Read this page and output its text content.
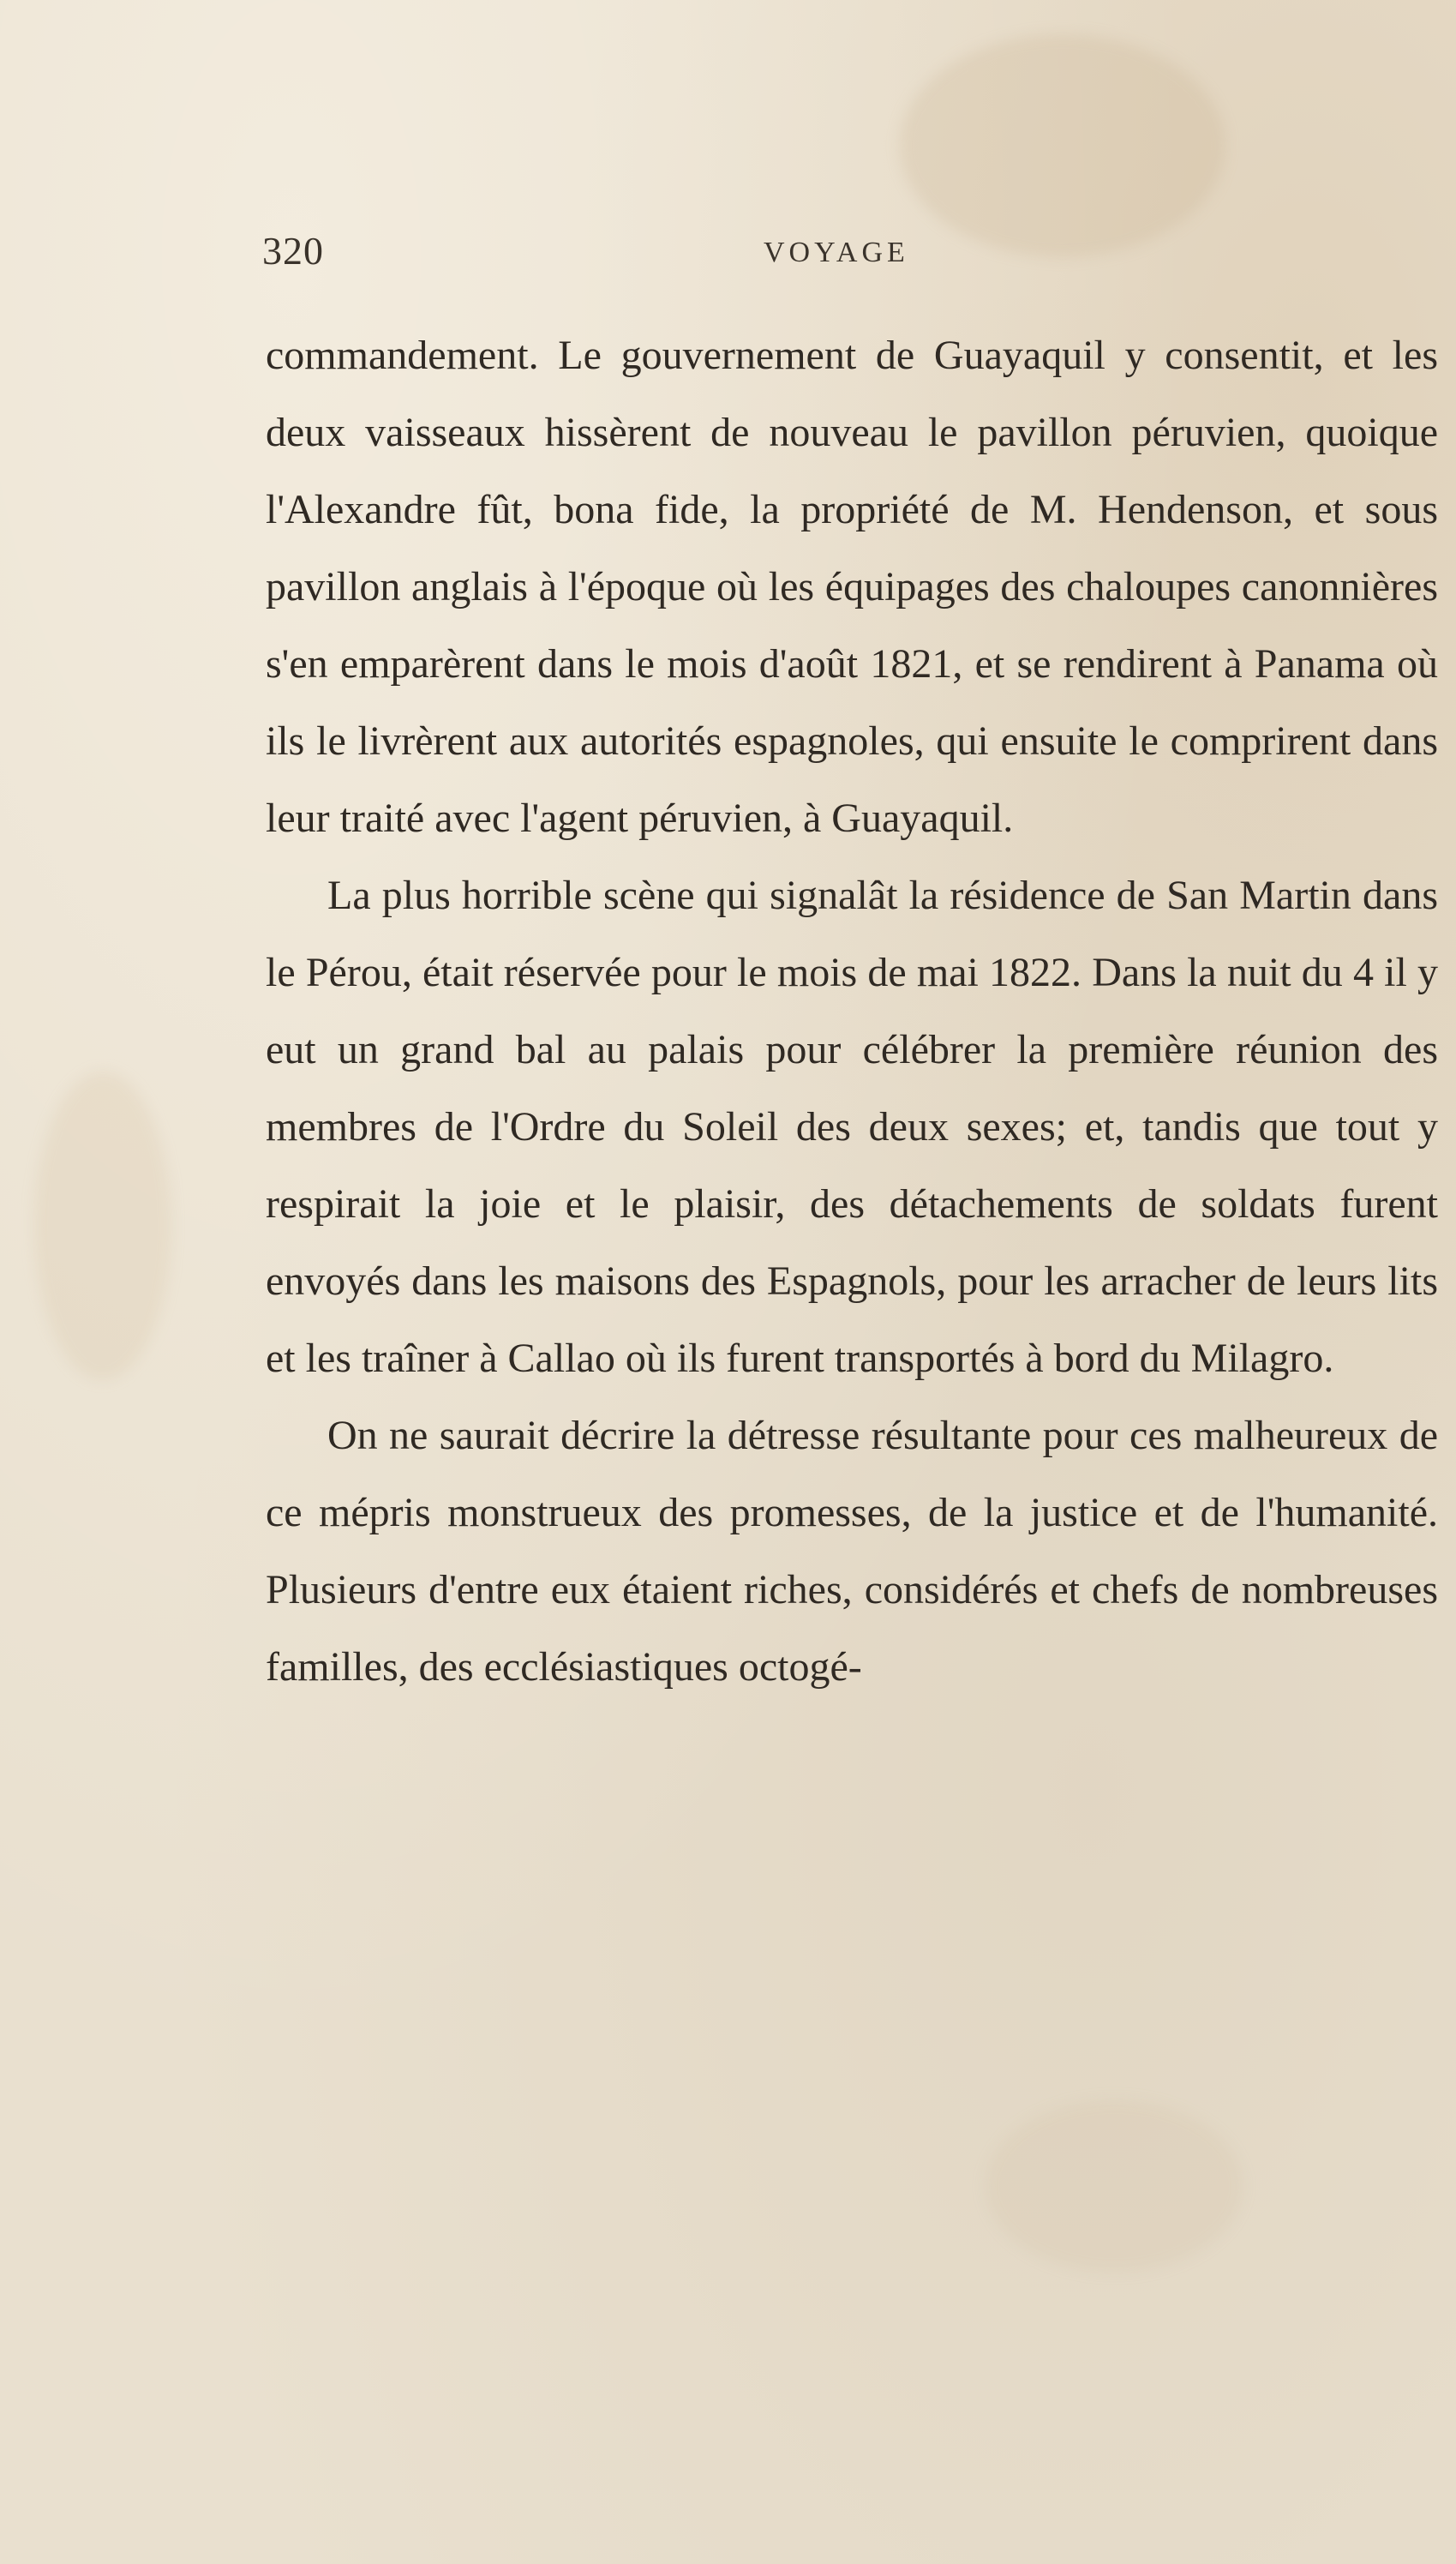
320	VOYAGE

commandement. Le gouvernement de Guayaquil y consentit, et les deux vaisseaux hissèrent de nouveau le pavillon péruvien, quoique l'Alexandre fût, bona fide, la propriété de M. Hendenson, et sous pavillon anglais à l'époque où les équipages des chaloupes canonnières s'en emparèrent dans le mois d'août 1821, et se rendirent à Panama où ils le livrèrent aux autorités espagnoles, qui ensuite le comprirent dans leur traité avec l'agent péruvien, à Guayaquil.

La plus horrible scène qui signalât la résidence de San Martin dans le Pérou, était réservée pour le mois de mai 1822. Dans la nuit du 4 il y eut un grand bal au palais pour célébrer la première réunion des membres de l'Ordre du Soleil des deux sexes; et, tandis que tout y respirait la joie et le plaisir, des détachements de soldats furent envoyés dans les maisons des Espagnols, pour les arracher de leurs lits et les traîner à Callao où ils furent transportés à bord du Milagro.

On ne saurait décrire la détresse résultante pour ces malheureux de ce mépris monstrueux des promesses, de la justice et de l'humanité. Plusieurs d'entre eux étaient riches, considérés et chefs de nombreuses familles, des ecclésiastiques octogé-
